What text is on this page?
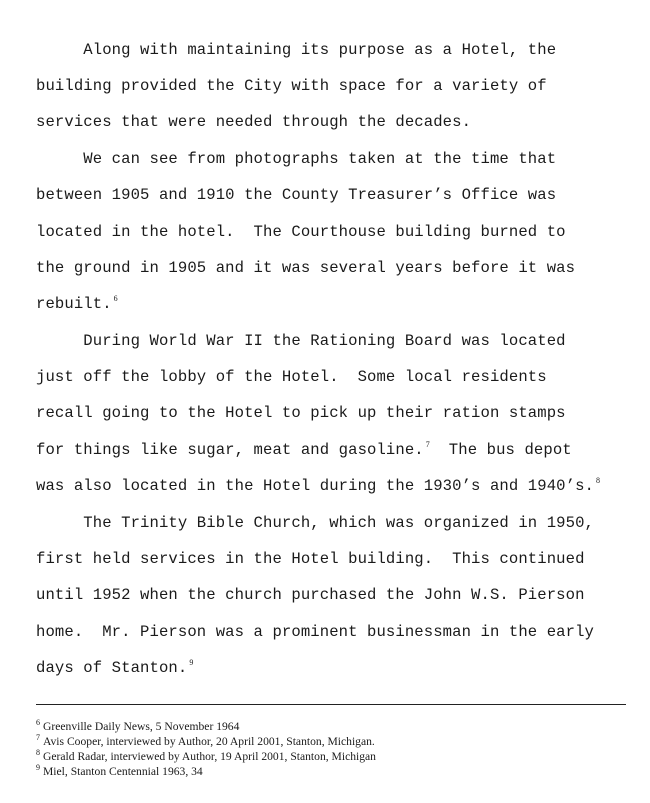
Along with maintaining its purpose as a Hotel, the
building provided the City with space for a variety of
services that were needed through the decades.
We can see from photographs taken at the time that
between 1905 and 1910 the County Treasurer’s Office was
located in the hotel.  The Courthouse building burned to
the ground in 1905 and it was several years before it was
rebuilt. $^6$
During World War II the Rationing Board was located
just off the lobby of the Hotel.  Some local residents
recall going to the Hotel to pick up their ration stamps
for things like sugar, meat and gasoline. $^7$  The bus depot
was also located in the Hotel during the 1930’s and 1940’s. $^8$
The Trinity Bible Church, which was organized in 1950,
first held services in the Hotel building.  This continued
until 1952 when the church purchased the John W.S. Pierson
home.  Mr. Pierson was a prominent businessman in the early
days of Stanton. $^9$
$^6$ Greenville Daily News, 5 November 1964
$^7$ Avis Cooper, interviewed by Author, 20 April 2001, Stanton, Michigan.
$^8$ Gerald Radar, interviewed by Author, 19 April 2001, Stanton, Michigan
$^9$ Miel, Stanton Centennial 1963, 34
